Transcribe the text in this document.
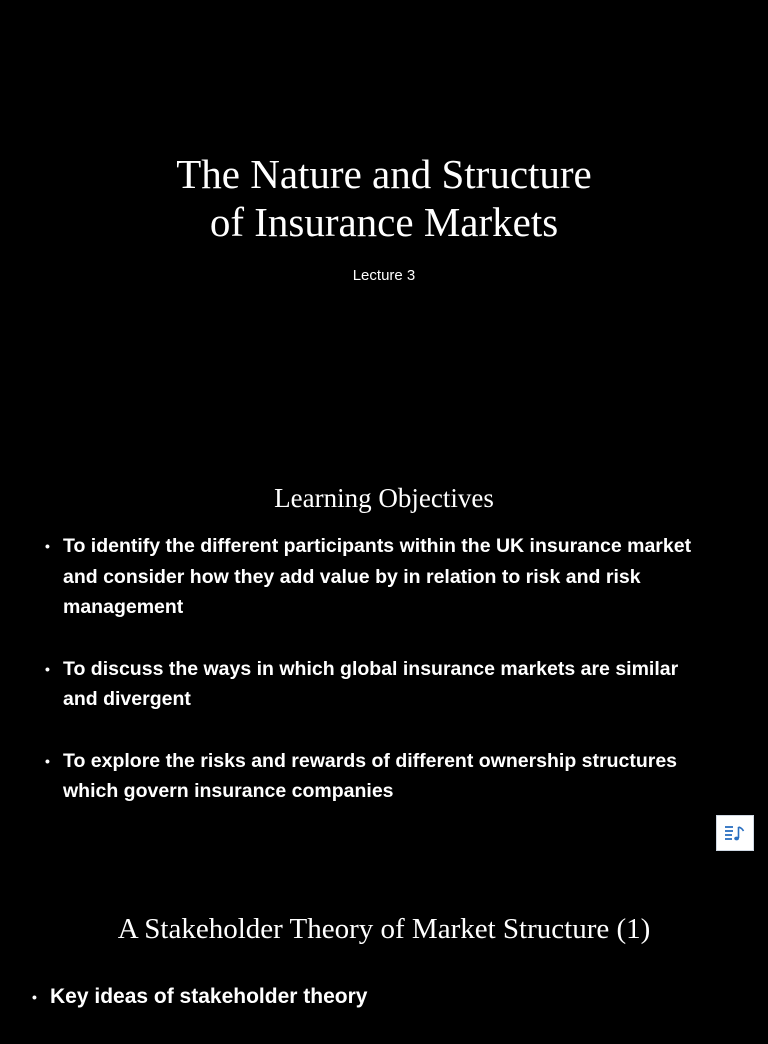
The Nature and Structure
of Insurance Markets

Lecture 3

Learning Objectives
• To identify the different participants within the UK insurance market and consider how they add value by in relation to risk and risk management
• To discuss the ways in which global insurance markets are similar and divergent
• To explore the risks and rewards of different ownership structures which govern insurance companies
A Stakeholder Theory of Market Structure (1)
• Key ideas of stakeholder theory
